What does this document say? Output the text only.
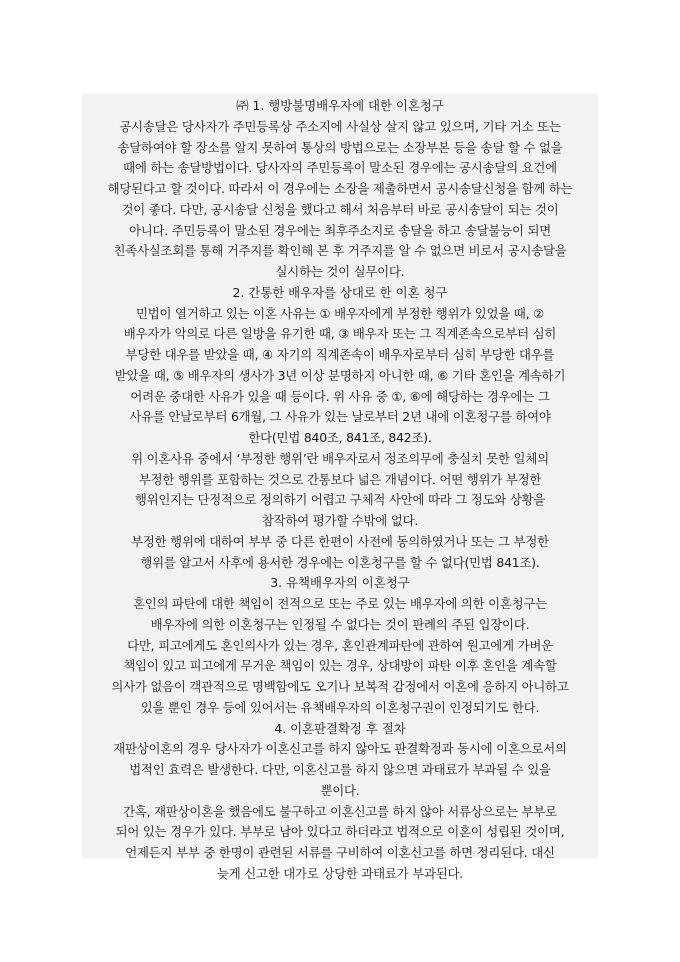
㈜ 1. 행방불명배우자에 대한 이혼청구
공시송달은 당사자가 주민등록상 주소지에 사실상 살지 않고 있으며, 기타 거소 또는
송달하여야 할 장소를 알지 못하여 통상의 방법으로는 소장부본 등을 송달 할 수 없을
때에 하는 송달방법이다. 당사자의 주민등록이 말소된 경우에는 공시송달의 요건에
해당된다고 할 것이다. 따라서 이 경우에는 소장을 제출하면서 공시송달신청을 함께 하는
것이 좋다. 다만, 공시송달 신청을 했다고 해서 처음부터 바로 공시송달이 되는 것이
아니다. 주민등록이 말소된 경우에는 최후주소지로 송달을 하고 송달불능이 되면
친족사실조회를 통해 거주지를 확인해 본 후 거주지를 알 수 없으면 비로서 공시송달을
실시하는 것이 실무이다.
2. 간통한 배우자를 상대로 한 이혼 청구
민법이 열거하고 있는 이혼 사유는 ① 배우자에게 부정한 행위가 있었을 때, ②
배우자가 악의로 다른 일방을 유기한 때, ③ 배우자 또는 그 직계존속으로부터 심히
부당한 대우를 받았을 때, ④ 자기의 직계존속이 배우자로부터 심히 부당한 대우를
받았을 때, ⑤ 배우자의 생사가 3년 이상 분명하지 아니한 때, ⑥ 기타 혼인을 계속하기
어려운 중대한 사유가 있을 때 등이다. 위 사유 중 ①, ⑥에 해당하는 경우에는 그
사유를 안날로부터 6개월, 그 사유가 있는 날로부터 2년 내에 이혼청구를 하여야
한다(민법 840조, 841조, 842조).
위 이혼사유 중에서 ‘부정한 행위’란 배우자로서 정조의무에 충실치 못한 일체의
부정한 행위를 포함하는 것으로 간통보다 넓은 개념이다. 어떤 행위가 부정한
행위인지는 단정적으로 정의하기 어렵고 구체적 사안에 따라 그 정도와 상황을
참작하여 평가할 수밖에 없다.
부정한 행위에 대하여 부부 중 다른 한편이 사전에 동의하였거나 또는 그 부정한
행위를 알고서 사후에 용서한 경우에는 이혼청구를 할 수 없다(민법 841조).
3. 유책배우자의 이혼청구
혼인의 파탄에 대한 책임이 전적으로 또는 주로 있는 배우자에 의한 이혼청구는
배우자에 의한 이혼청구는 인정될 수 없다는 것이 판례의 주된 입장이다.
다만, 피고에게도 혼인의사가 있는 경우, 혼인관계파탄에 관하여 원고에게 가벼운
책임이 있고 피고에게 무거운 책임이 있는 경우, 상대방이 파탄 이후 혼인을 계속할
의사가 없음이 객관적으로 명백함에도 오기나 보복적 감정에서 이혼에 응하지 아니하고
있을 뿐인 경우 등에 있어서는 유책배우자의 이혼청구권이 인정되기도 한다.
4. 이혼판결확정 후 절차
재판상이혼의 경우 당사자가 이혼신고를 하지 않아도 판결확정과 동시에 이혼으로서의
법적인 효력은 발생한다. 다만, 이혼신고를 하지 않으면 과태료가 부과될 수 있을
뿐이다.
간혹, 재판상이혼을 했음에도 불구하고 이혼신고를 하지 않아 서류상으로는 부부로
되어 있는 경우가 있다. 부부로 남아 있다고 하더라고 법적으로 이혼이 성립된 것이며,
언제든지 부부 중 한명이 관련된 서류를 구비하여 이혼신고를 하면 정리된다. 대신
늦게 신고한 대가로 상당한 과태료가 부과된다.
